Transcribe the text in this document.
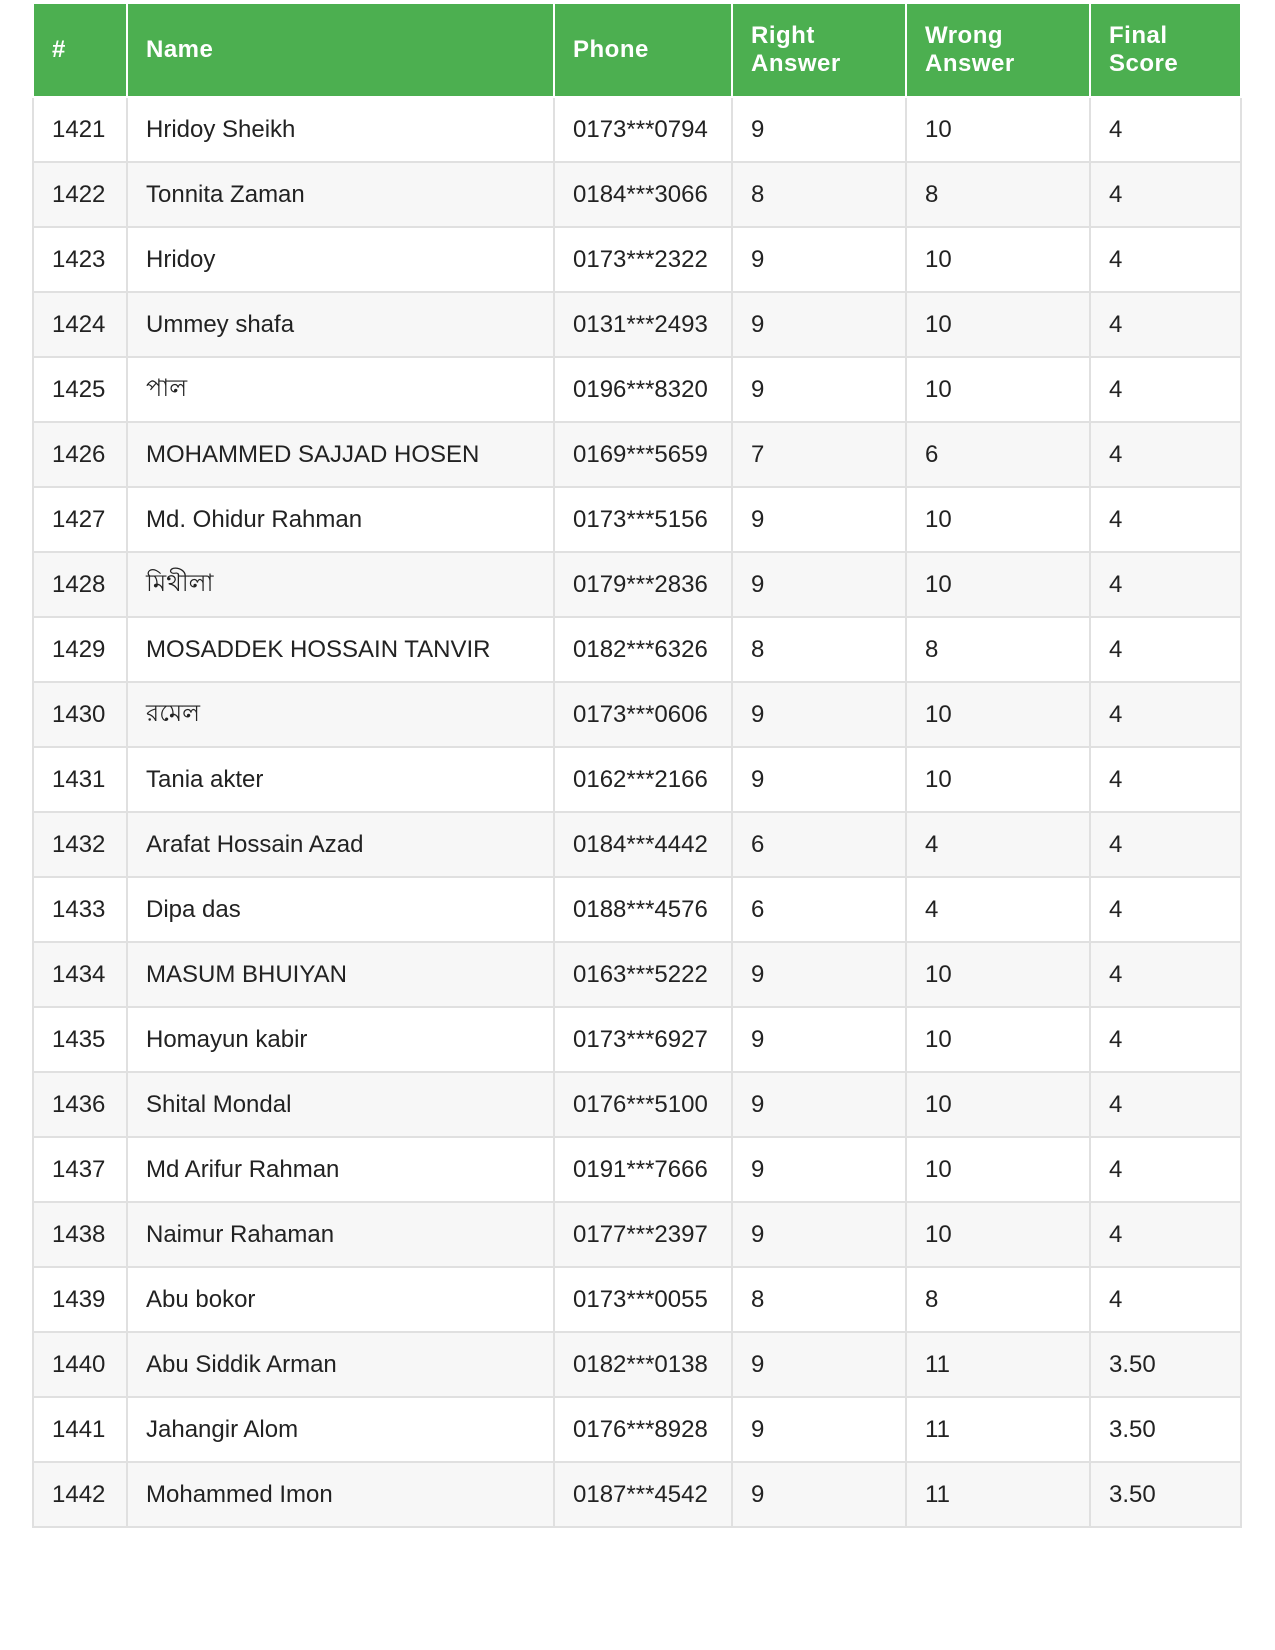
#	Name	Phone	Right Answer	Wrong Answer	Final Score
1421	Hridoy Sheikh	0173***0794	9	10	4
1422	Tonnita Zaman	0184***3066	8	8	4
1423	Hridoy	0173***2322	9	10	4
1424	Ummey shafa	0131***2493	9	10	4
1425	পাল	0196***8320	9	10	4
1426	MOHAMMED SAJJAD HOSEN	0169***5659	7	6	4
1427	Md. Ohidur Rahman	0173***5156	9	10	4
1428	মিথীলা	0179***2836	9	10	4
1429	MOSADDEK HOSSAIN TANVIR	0182***6326	8	8	4
1430	রমেল	0173***0606	9	10	4
1431	Tania akter	0162***2166	9	10	4
1432	Arafat Hossain Azad	0184***4442	6	4	4
1433	Dipa das	0188***4576	6	4	4
1434	MASUM BHUIYAN	0163***5222	9	10	4
1435	Homayun kabir	0173***6927	9	10	4
1436	Shital Mondal	0176***5100	9	10	4
1437	Md Arifur Rahman	0191***7666	9	10	4
1438	Naimur Rahaman	0177***2397	9	10	4
1439	Abu bokor	0173***0055	8	8	4
1440	Abu Siddik Arman	0182***0138	9	11	3.50
1441	Jahangir Alom	0176***8928	9	11	3.50
1442	Mohammed Imon	0187***4542	9	11	3.50
